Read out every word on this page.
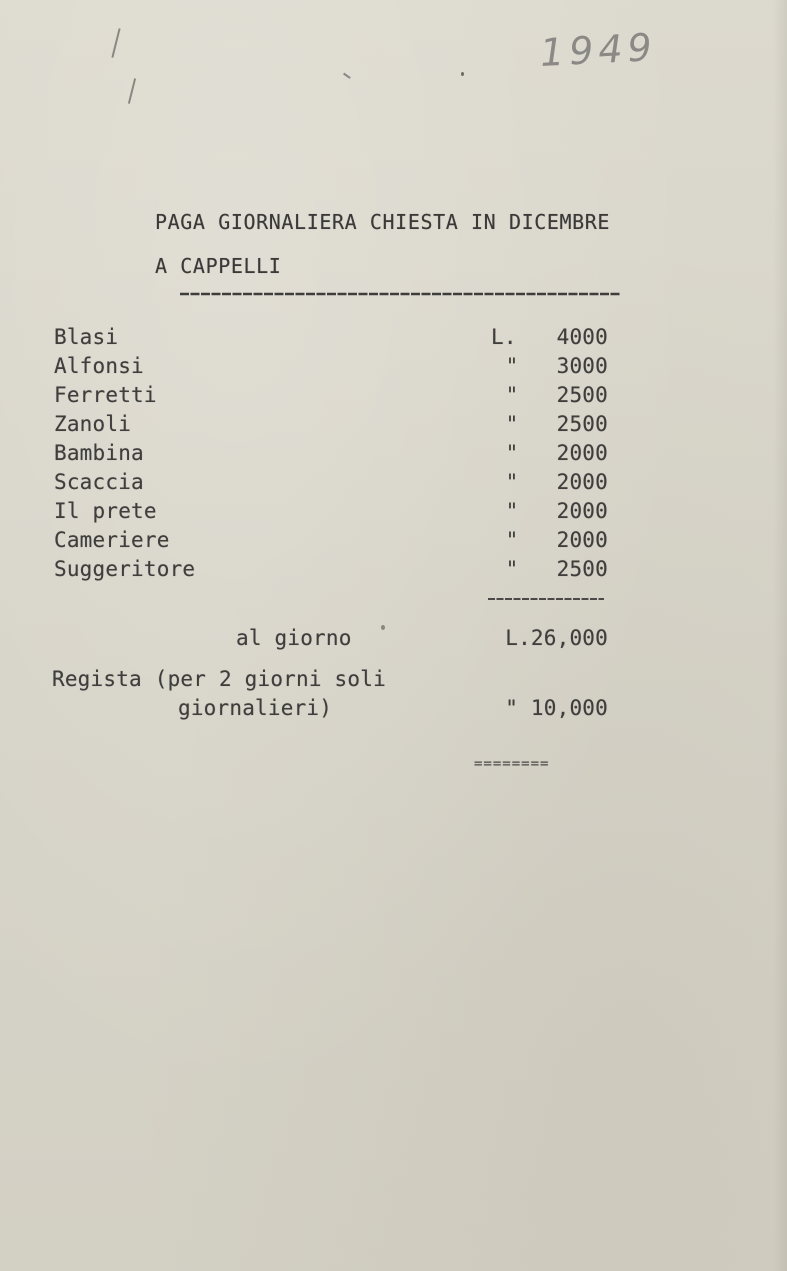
1949
PAGA GIORNALIERA CHIESTA IN DICEMBRE
A CAPPELLI
Blasi	L.	4000
Alfonsi	"	3000
Ferretti	"	2500
Zanoli	"	2500
Bambina	"	2000
Scaccia	"	2000
Il prete	"	2000
Cameriere	"	2000
Suggeritore	"	2500
al giorno	L.26,000
Regista (per 2 giorni soli
giornalieri)	" 10,000
========
